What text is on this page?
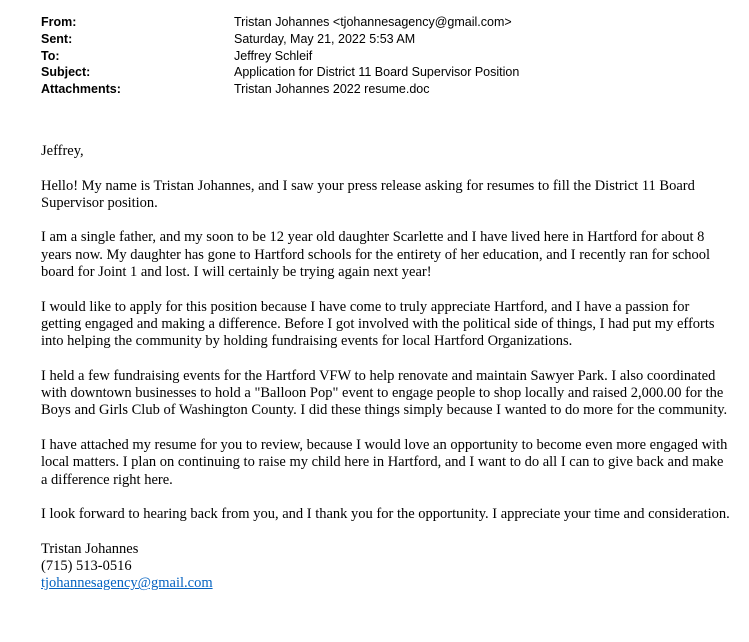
From:	Tristan Johannes <tjohannesagency@gmail.com>
Sent:	Saturday, May 21, 2022 5:53 AM
To:	Jeffrey Schleif
Subject:	Application for District 11 Board Supervisor Position
Attachments:	Tristan Johannes 2022 resume.doc

Jeffrey,

Hello! My name is Tristan Johannes, and I saw your press release asking for resumes to fill the District 11 Board Supervisor position.

I am a single father, and my soon to be 12 year old daughter Scarlette and I have lived here in Hartford for about 8 years now. My daughter has gone to Hartford schools for the entirety of her education, and I recently ran for school board for Joint 1 and lost. I will certainly be trying again next year!

I would like to apply for this position because I have come to truly appreciate Hartford, and I have a passion for getting engaged and making a difference. Before I got involved with the political side of things, I had put my efforts into helping the community by holding fundraising events for local Hartford Organizations.

I held a few fundraising events for the Hartford VFW to help renovate and maintain Sawyer Park. I also coordinated with downtown businesses to hold a "Balloon Pop" event to engage people to shop locally and raised 2,000.00 for the Boys and Girls Club of Washington County. I did these things simply because I wanted to do more for the community.

I have attached my resume for you to review, because I would love an opportunity to become even more engaged with local matters. I plan on continuing to raise my child here in Hartford, and I want to do all I can to give back and make a difference right here.

I look forward to hearing back from you, and I thank you for the opportunity. I appreciate your time and consideration.

Tristan Johannes
(715) 513-0516
tjohannesagency@gmail.com
